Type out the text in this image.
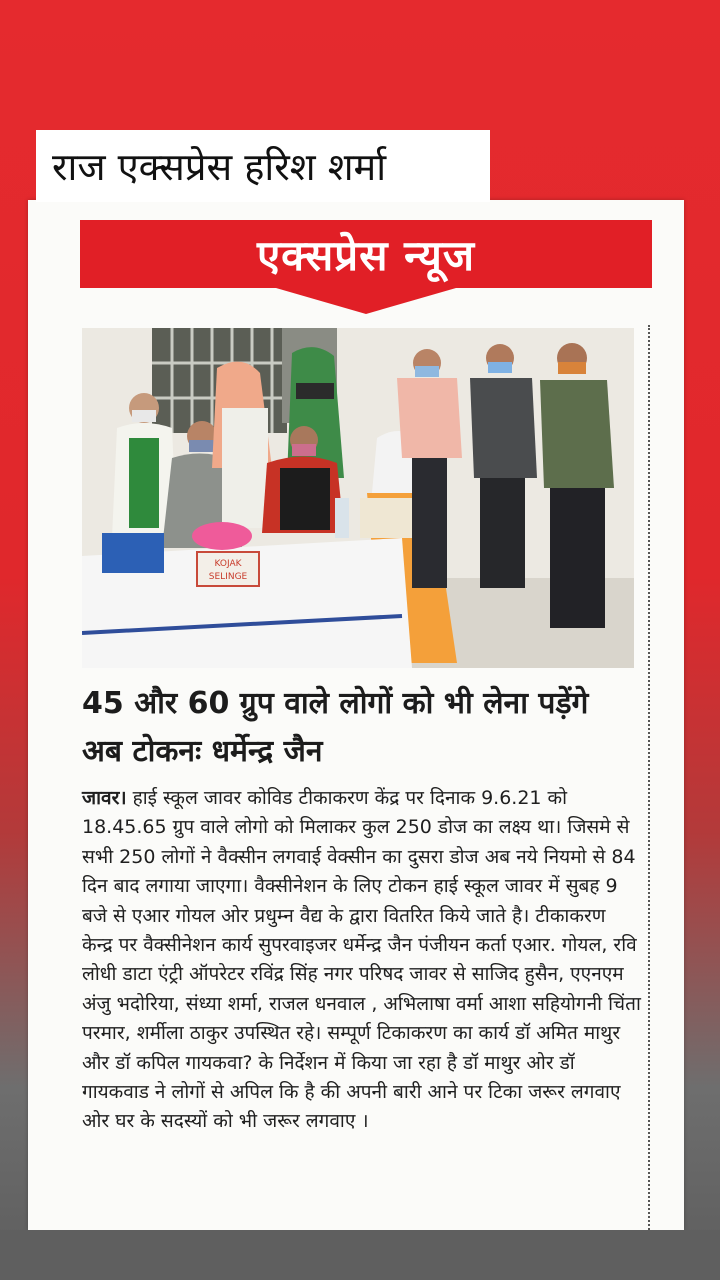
राज एक्सप्रेस हरिश शर्मा
एक्सप्रेस न्यूज
KOJAK
SELINGE
45 और 60 ग्रुप वाले लोगों को भी लेना पड़ेंगे
अब टोकनः धर्मेन्द्र जैन
जावर। हाई स्कूल जावर कोविड टीकाकरण केंद्र पर दिनाक 9.6.21 को 18.45.65 ग्रुप वाले लोगो को मिलाकर कुल 250 डोज का लक्ष्य था। जिसमे से सभी 250 लोगों ने वैक्सीन लगवाई वेक्सीन का दुसरा डोज अब नये नियमो से 84 दिन बाद लगाया जाएगा। वैक्सीनेशन के लिए टोकन हाई स्कूल जावर में सुबह 9 बजे से एआर गोयल ओर प्रधुम्न वैद्य के द्वारा वितरित किये जाते है। टीकाकरण केन्द्र पर वैक्सीनेशन कार्य सुपरवाइजर धर्मेन्द्र जैन पंजीयन कर्ता एआर. गोयल, रवि लोधी डाटा एंट्री ऑपरेटर रविंद्र सिंह नगर परिषद जावर से साजिद हुसैन, एएनएम अंजु भदोरिया, संध्या शर्मा, राजल धनवाल , अभिलाषा वर्मा आशा सहियोगनी चिंता परमार, शर्मीला ठाकुर उपस्थित रहे। सम्पूर्ण टिकाकरण का कार्य डॉ अमित माथुर और डॉ कपिल गायकवा? के निर्देशन में किया जा रहा है डॉ माथुर ओर डॉ गायकवाड ने लोगों से अपिल कि है की अपनी बारी आने पर टिका जरूर लगवाए ओर घर के सदस्यों को भी जरूर लगवाए ।
